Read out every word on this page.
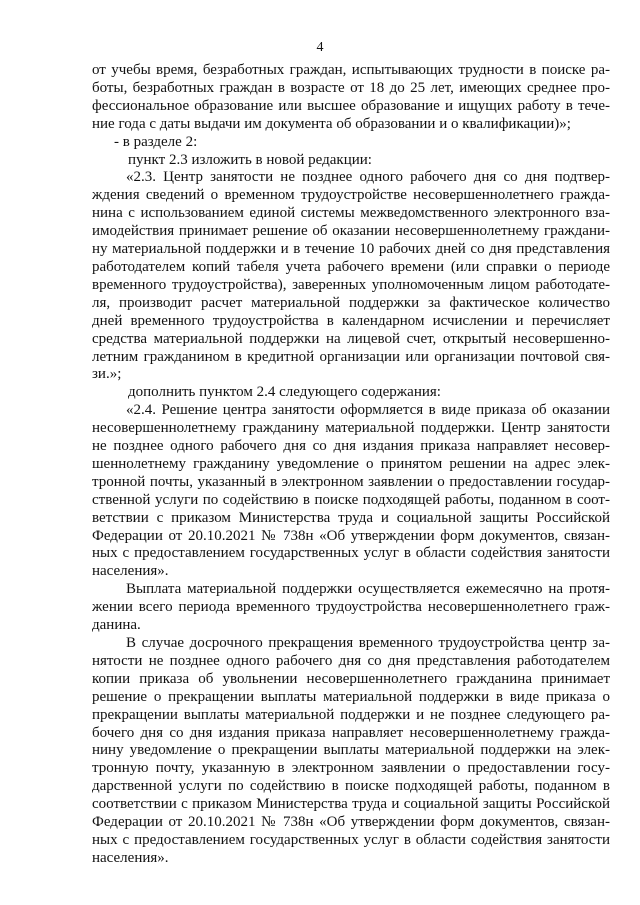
4

от учебы время, безработных граждан, испытывающих трудности в поиске ра-
боты, безработных граждан в возрасте от 18 до 25 лет, имеющих среднее про-
фессиональное образование или высшее образование и ищущих работу в тече-
ние года с даты выдачи им документа об образовании и о квалификации)»;

- в разделе 2:

пункт 2.3 изложить в новой редакции:

«2.3. Центр занятости не позднее одного рабочего дня со дня подтвер-
ждения сведений о временном трудоустройстве несовершеннолетнего гражда-
нина с использованием единой системы межведомственного электронного вза-
имодействия принимает решение об оказании несовершеннолетнему граждани-
ну материальной поддержки и в течение 10 рабочих дней со дня представления
работодателем копий табеля учета рабочего времени (или справки о периоде
временного трудоустройства), заверенных уполномоченным лицом работодате-
ля, производит расчет материальной поддержки за фактическое количество
дней временного трудоустройства в календарном исчислении и перечисляет
средства материальной поддержки на лицевой счет, открытый несовершенно-
летним гражданином в кредитной организации или организации почтовой свя-
зи.»;

дополнить пунктом 2.4 следующего содержания:

«2.4. Решение центра занятости оформляется в виде приказа об оказании
несовершеннолетнему гражданину материальной поддержки. Центр занятости
не позднее одного рабочего дня со дня издания приказа направляет несовер-
шеннолетнему гражданину уведомление о принятом решении на адрес элек-
тронной почты, указанный в электронном заявлении о предоставлении государ-
ственной услуги по содействию в поиске подходящей работы, поданном в соот-
ветствии с приказом Министерства труда и социальной защиты Российской
Федерации от 20.10.2021 № 738н «Об утверждении форм документов, связан-
ных с предоставлением государственных услуг в области содействия занятости
населения».

Выплата материальной поддержки осуществляется ежемесячно на протя-
жении всего периода временного трудоустройства несовершеннолетнего граж-
данина.

В случае досрочного прекращения временного трудоустройства центр за-
нятости не позднее одного рабочего дня со дня представления работодателем
копии приказа об увольнении несовершеннолетнего гражданина принимает
решение о прекращении выплаты материальной поддержки в виде приказа о
прекращении выплаты материальной поддержки и не позднее следующего ра-
бочего дня со дня издания приказа направляет несовершеннолетнему гражда-
нину уведомление о прекращении выплаты материальной поддержки на элек-
тронную почту, указанную в электронном заявлении о предоставлении госу-
дарственной услуги по содействию в поиске подходящей работы, поданном в
соответствии с приказом Министерства труда и социальной защиты Российской
Федерации от 20.10.2021 № 738н «Об утверждении форм документов, связан-
ных с предоставлением государственных услуг в области содействия занятости
населения».
